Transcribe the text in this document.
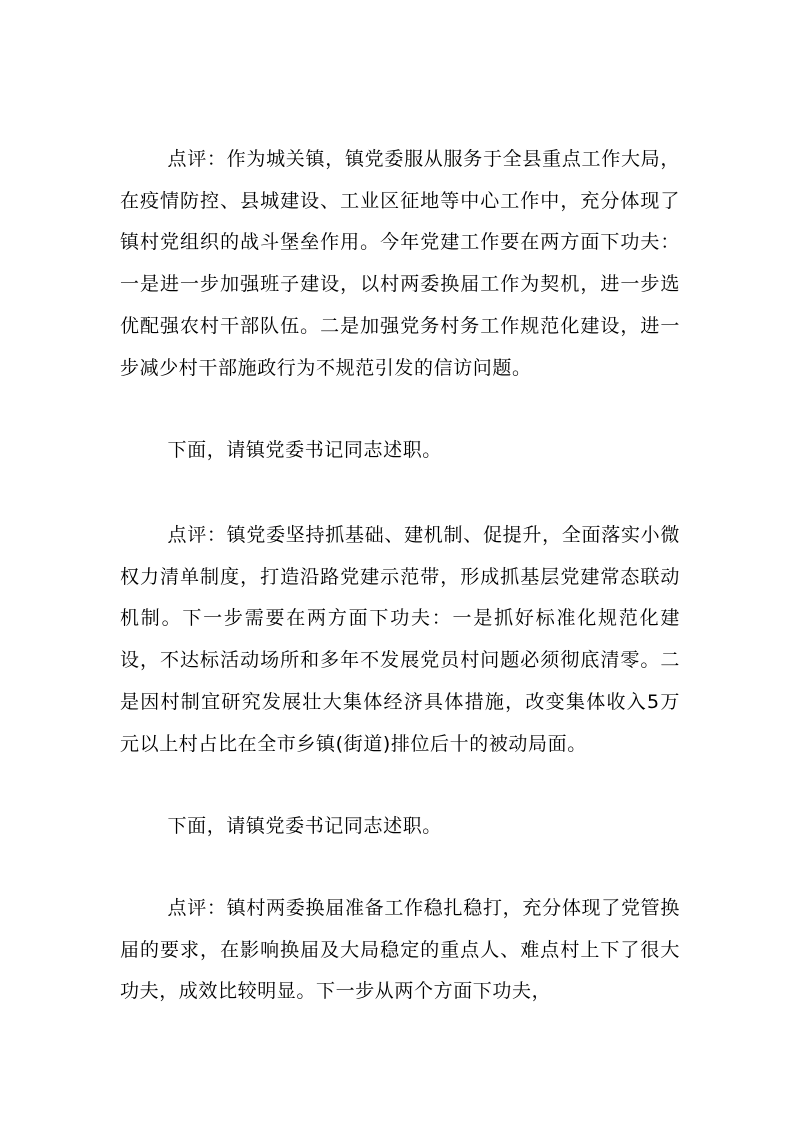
点评：作为城关镇，镇党委服从服务于全县重点工作大局，在疫情防控、县城建设、工业区征地等中心工作中，充分体现了镇村党组织的战斗堡垒作用。今年党建工作要在两方面下功夫：一是进一步加强班子建设，以村两委换届工作为契机，进一步选优配强农村干部队伍。二是加强党务村务工作规范化建设，进一步减少村干部施政行为不规范引发的信访问题。

下面，请镇党委书记同志述职。

点评：镇党委坚持抓基础、建机制、促提升，全面落实小微权力清单制度，打造沿路党建示范带，形成抓基层党建常态联动机制。下一步需要在两方面下功夫：一是抓好标准化规范化建设，不达标活动场所和多年不发展党员村问题必须彻底清零。二是因村制宜研究发展壮大集体经济具体措施，改变集体收入5万元以上村占比在全市乡镇(街道)排位后十的被动局面。

下面，请镇党委书记同志述职。

点评：镇村两委换届准备工作稳扎稳打，充分体现了党管换届的要求，在影响换届及大局稳定的重点人、难点村上下了很大功夫，成效比较明显。下一步从两个方面下功夫，
